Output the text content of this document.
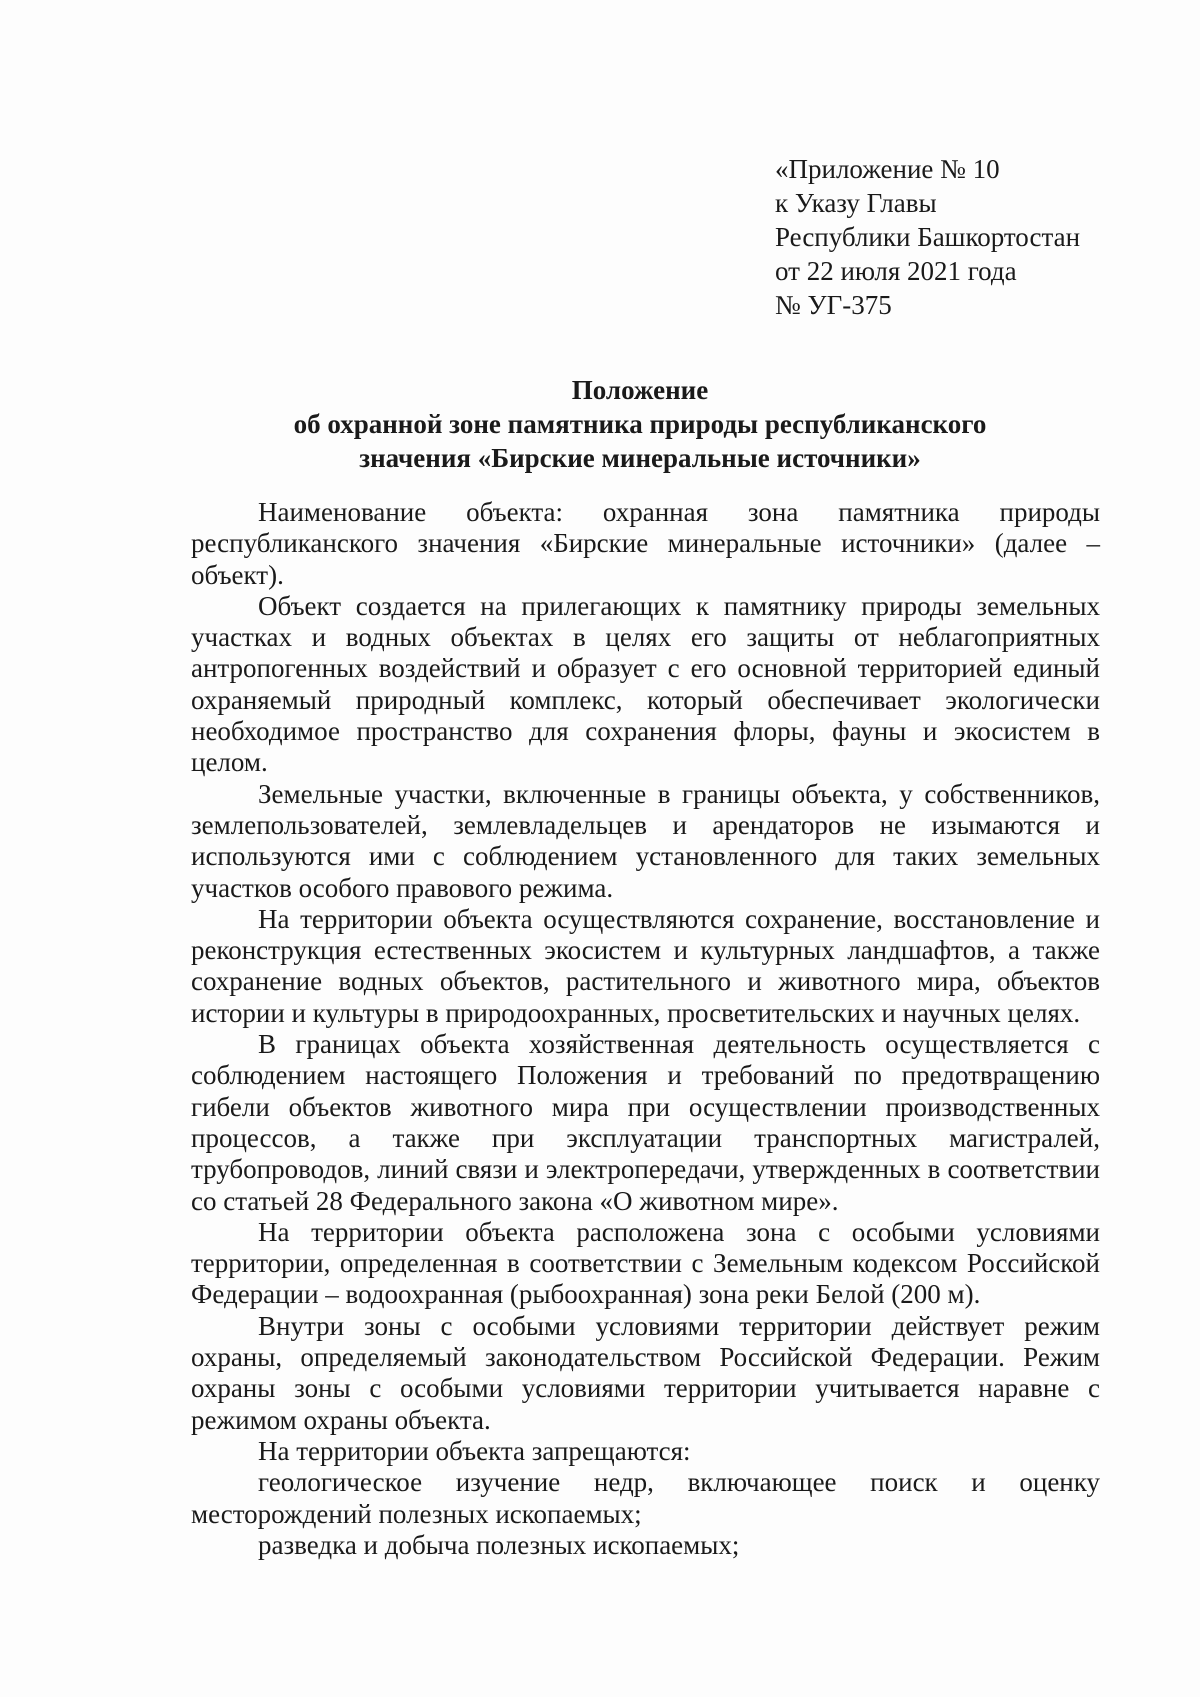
«Приложение № 10
к Указу Главы
Республики Башкортостан
от 22 июля 2021 года
№ УГ-375
Положение
об охранной зоне памятника природы республиканского
значения «Бирские минеральные источники»

Наименование объекта: охранная зона памятника природы республиканского значения «Бирские минеральные источники» (далее – объект).

Объект создается на прилегающих к памятнику природы земельных участках и водных объектах в целях его защиты от неблагоприятных антропогенных воздействий и образует с его основной территорией единый охраняемый природный комплекс, который обеспечивает экологически необходимое пространство для сохранения флоры, фауны и экосистем в целом.

Земельные участки, включенные в границы объекта, у собственников, землепользователей, землевладельцев и арендаторов не изымаются и используются ими с соблюдением установленного для таких земельных участков особого правового режима.

На территории объекта осуществляются сохранение, восстановление и реконструкция естественных экосистем и культурных ландшафтов, а также сохранение водных объектов, растительного и животного мира, объектов истории и культуры в природоохранных, просветительских и научных целях.

В границах объекта хозяйственная деятельность осуществляется с соблюдением настоящего Положения и требований по предотвращению гибели объектов животного мира при осуществлении производственных процессов, а также при эксплуатации транспортных магистралей, трубопроводов, линий связи и электропередачи, утвержденных в соответствии со статьей 28 Федерального закона «О животном мире».

На территории объекта расположена зона с особыми условиями территории, определенная в соответствии с Земельным кодексом Российской Федерации – водоохранная (рыбоохранная) зона реки Белой (200 м).

Внутри зоны с особыми условиями территории действует режим охраны, определяемый законодательством Российской Федерации. Режим охраны зоны с особыми условиями территории учитывается наравне с режимом охраны объекта.

На территории объекта запрещаются:

геологическое изучение недр, включающее поиск и оценку месторождений полезных ископаемых;

разведка и добыча полезных ископаемых;
